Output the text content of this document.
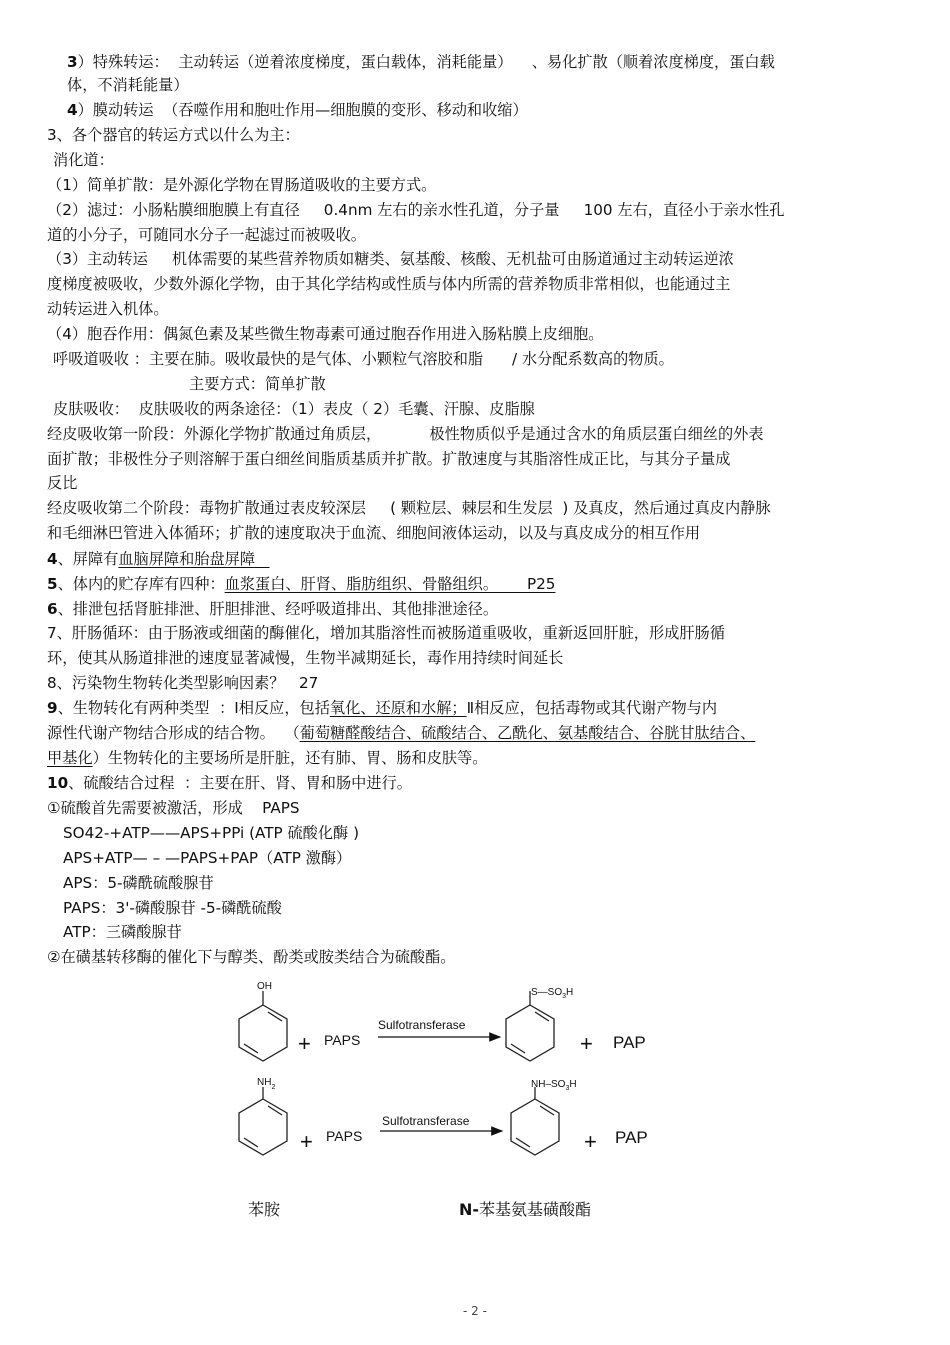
3）特殊转运：  主动转运（逆着浓度梯度，蛋白载体，消耗能量）    、易化扩散（顺着浓度梯度，蛋白载
体，不消耗能量）
4）膜动转运  （吞噬作用和胞吐作用—细胞膜的变形、移动和收缩）
3、各个器官的转运方式以什么为主：
消化道：
（1）简单扩散：是外源化学物在胃肠道吸收的主要方式。
（2）滤过：小肠粘膜细胞膜上有直径     0.4nm 左右的亲水性孔道，分子量     100 左右，直径小于亲水性孔
道的小分子，可随同水分子一起滤过而被吸收。
（3）主动转运     机体需要的某些营养物质如糖类、氨基酸、核酸、无机盐可由肠道通过主动转运逆浓
度梯度被吸收，少数外源化学物，由于其化学结构或性质与体内所需的营养物质非常相似，也能通过主
动转运进入机体。
（4）胞吞作用：偶氮色素及某些微生物毒素可通过胞吞作用进入肠粘膜上皮细胞。
呼吸道吸收 ：主要在肺。吸收最快的是气体、小颗粒气溶胶和脂      / 水分配系数高的物质。
主要方式：简单扩散
皮肤吸收：  皮肤吸收的两条途径：（1）表皮（ 2）毛囊、汗腺、皮脂腺
经皮吸收第一阶段：外源化学物扩散通过角质层，          极性物质似乎是通过含水的角质层蛋白细丝的外表
面扩散；非极性分子则溶解于蛋白细丝间脂质基质并扩散。扩散速度与其脂溶性成正比，与其分子量成
反比
经皮吸收第二个阶段：毒物扩散通过表皮较深层     ( 颗粒层、棘层和生发层  ) 及真皮，然后通过真皮内静脉
和毛细淋巴管进入体循环；扩散的速度取决于血流、细胞间液体运动，以及与真皮成分的相互作用
4、屏障有血脑屏障和胎盘屏障
5、体内的贮存库有四种：血浆蛋白、肝肾、脂肪组织、骨骼组织。      P25
6、排泄包括肾脏排泄、肝胆排泄、经呼吸道排出、其他排泄途径。
7、肝肠循环：由于肠液或细菌的酶催化，增加其脂溶性而被肠道重吸收，重新返回肝脏，形成肝肠循
环，使其从肠道排泄的速度显著减慢，生物半减期延长，毒作用持续时间延长
8、污染物生物转化类型影响因素？   27
9、生物转化有两种类型  ：Ⅰ相反应，包括氧化、还原和水解；Ⅱ相反应，包括毒物或其代谢产物与内
源性代谢产物结合形成的结合物。  （葡萄糖醛酸结合、硫酸结合、乙酰化、氨基酸结合、谷胱甘肽结合、
甲基化）生物转化的主要场所是肝脏，还有肺、胃、肠和皮肤等。
10、硫酸结合过程  ：主要在肝、肾、胃和肠中进行。
①硫酸首先需要被激活，形成    PAPS
SO42-+ATP——APS+PPi (ATP 硫酸化酶 )
APS+ATP— – —PAPS+PAP（ATP 激酶）
APS：5-磷酰硫酸腺苷
PAPS：3'-磷酸腺苷 -5-磷酰硫酸
ATP：三磷酸腺苷
②在磺基转移酶的催化下与醇类、酚类或胺类结合为硫酸酯。
OH
+ PAPS
Sulfotransferase
$S—SO_3H$
+ PAP
$NH_2$
+ PAPS
Sulfotransferase
$NH-SO_3H$
+ PAP
苯胺	N-苯基氨基磺酸酯
- 2 -
